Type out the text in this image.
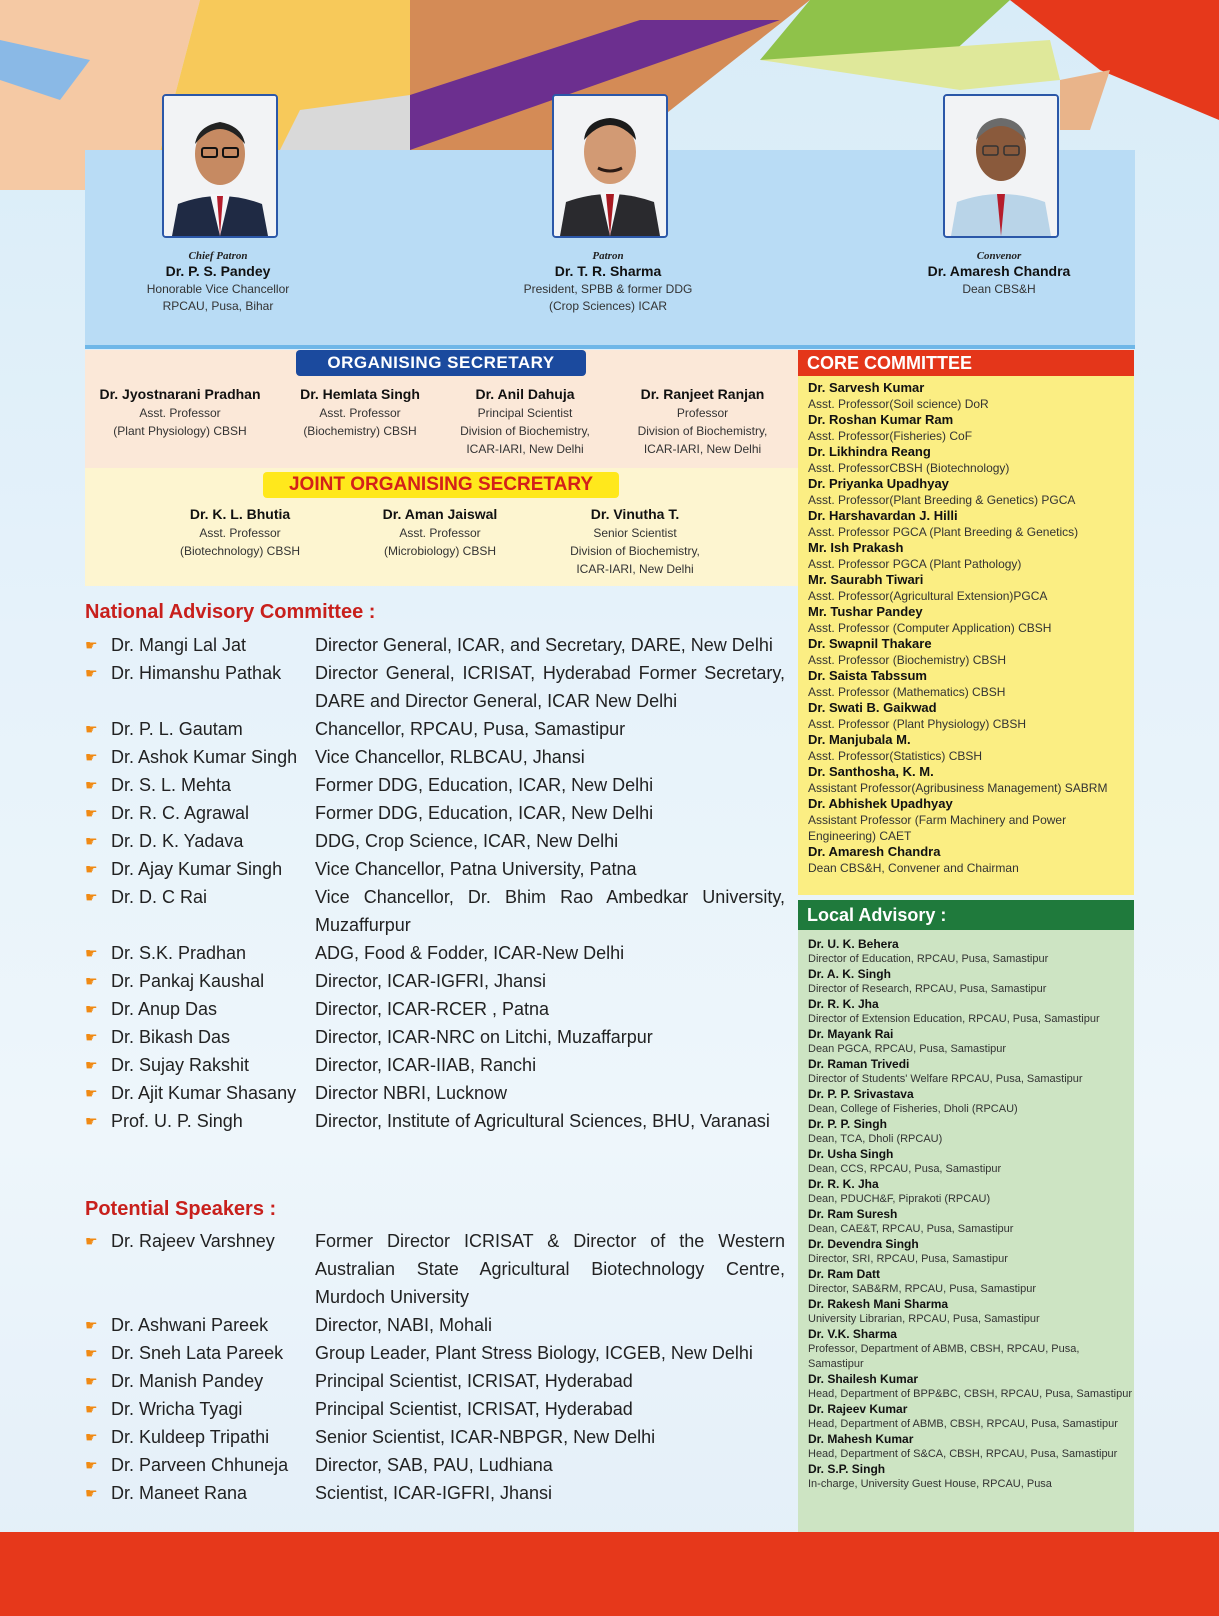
Chief Patron
Dr. P. S. Pandey
Honorable Vice Chancellor
RPCAU, Pusa, Bihar
Patron
Dr. T. R. Sharma
President, SPBB & former DDG
(Crop Sciences) ICAR
Convenor
Dr. Amaresh Chandra
Dean CBS&H
ORGANISING SECRETARY
Dr. Jyostnarani Pradhan
Asst. Professor
(Plant Physiology) CBSH
Dr. Hemlata Singh
Asst. Professor
(Biochemistry) CBSH
Dr. Anil Dahuja
Principal Scientist
Division of Biochemistry,
ICAR-IARI, New Delhi
Dr. Ranjeet Ranjan
Professor
Division of Biochemistry,
ICAR-IARI, New Delhi
JOINT ORGANISING SECRETARY
Dr. K. L. Bhutia
Asst. Professor
(Biotechnology) CBSH
Dr. Aman Jaiswal
Asst. Professor
(Microbiology) CBSH
Dr. Vinutha T.
Senior Scientist
Division of Biochemistry,
ICAR-IARI, New Delhi
CORE COMMITTEE
Dr. Sarvesh Kumar
Asst. Professor(Soil science) DoR
Dr. Roshan Kumar Ram
Asst. Professor(Fisheries) CoF
Dr. Likhindra Reang
Asst. ProfessorCBSH (Biotechnology)
Dr. Priyanka Upadhyay
Asst. Professor(Plant Breeding & Genetics) PGCA
Dr. Harshavardan J. Hilli
Asst. Professor PGCA (Plant Breeding & Genetics)
Mr. Ish Prakash
Asst. Professor PGCA (Plant Pathology)
Mr. Saurabh Tiwari
Asst. Professor(Agricultural Extension)PGCA
Mr. Tushar Pandey
Asst. Professor (Computer Application) CBSH
Dr. Swapnil Thakare
Asst. Professor (Biochemistry) CBSH
Dr. Saista Tabssum
Asst. Professor (Mathematics) CBSH
Dr. Swati B. Gaikwad
Asst. Professor (Plant Physiology) CBSH
Dr. Manjubala M.
Asst. Professor(Statistics) CBSH
Dr. Santhosha, K. M.
Assistant Professor(Agribusiness Management) SABRM
Dr. Abhishek Upadhyay
Assistant Professor (Farm Machinery and Power Engineering) CAET
Dr. Amaresh Chandra
Dean CBS&H, Convener and Chairman
Local Advisory :
Dr. U. K. Behera
Director of Education, RPCAU, Pusa, Samastipur
Dr. A. K. Singh
Director of Research, RPCAU, Pusa, Samastipur
Dr. R. K. Jha
Director of Extension Education, RPCAU, Pusa, Samastipur
Dr. Mayank Rai
Dean PGCA, RPCAU, Pusa, Samastipur
Dr. Raman Trivedi
Director of Students' Welfare RPCAU, Pusa, Samastipur
Dr. P. P. Srivastava
Dean, College of Fisheries, Dholi (RPCAU)
Dr. P. P. Singh
Dean, TCA, Dholi (RPCAU)
Dr. Usha Singh
Dean, CCS, RPCAU, Pusa, Samastipur
Dr. R. K. Jha
Dean, PDUCH&F, Piprakoti (RPCAU)
Dr. Ram Suresh
Dean, CAE&T, RPCAU, Pusa, Samastipur
Dr. Devendra Singh
Director, SRI, RPCAU, Pusa, Samastipur
Dr. Ram Datt
Director, SAB&RM, RPCAU, Pusa, Samastipur
Dr. Rakesh Mani Sharma
University Librarian, RPCAU, Pusa, Samastipur
Dr. V.K. Sharma
Professor, Department of ABMB, CBSH, RPCAU, Pusa, Samastipur
Dr. Shailesh Kumar
Head, Department of BPP&BC, CBSH, RPCAU, Pusa, Samastipur
Dr. Rajeev Kumar
Head, Department of ABMB, CBSH, RPCAU, Pusa, Samastipur
Dr. Mahesh Kumar
Head, Department of S&CA, CBSH, RPCAU, Pusa, Samastipur
Dr. S.P. Singh
In-charge, University Guest House, RPCAU, Pusa
National Advisory Committee :
☛ Dr. Mangi Lal Jat	Director General, ICAR, and Secretary, DARE, New Delhi
☛ Dr. Himanshu Pathak	Director General, ICRISAT, Hyderabad Former Secretary, DARE and Director General, ICAR New Delhi
☛ Dr. P. L. Gautam	Chancellor, RPCAU, Pusa, Samastipur
☛ Dr. Ashok Kumar Singh Vice Chancellor, RLBCAU, Jhansi
☛ Dr. S. L. Mehta	Former DDG, Education, ICAR, New Delhi
☛ Dr. R. C. Agrawal	Former DDG, Education, ICAR, New Delhi
☛ Dr. D. K. Yadava	DDG, Crop Science, ICAR, New Delhi
☛ Dr. Ajay Kumar Singh	Vice Chancellor, Patna University, Patna
☛ Dr. D. C Rai	Vice Chancellor, Dr. Bhim Rao Ambedkar University, Muzaffurpur
☛ Dr. S.K. Pradhan	ADG, Food & Fodder, ICAR-New Delhi
☛ Dr. Pankaj Kaushal	Director, ICAR-IGFRI, Jhansi
☛ Dr. Anup Das	Director, ICAR-RCER , Patna
☛ Dr. Bikash Das	Director, ICAR-NRC on Litchi, Muzaffarpur
☛ Dr. Sujay Rakshit	Director, ICAR-IIAB, Ranchi
☛ Dr. Ajit Kumar Shasany	Director NBRI, Lucknow
☛ Prof. U. P. Singh	Director, Institute of Agricultural Sciences, BHU, Varanasi
Potential Speakers :
☛ Dr. Rajeev Varshney	Former Director ICRISAT & Director of the Western Australian State Agricultural Biotechnology Centre, Murdoch University
☛ Dr. Ashwani Pareek	Director, NABI, Mohali
☛ Dr. Sneh Lata Pareek	Group Leader, Plant Stress Biology, ICGEB, New Delhi
☛ Dr. Manish Pandey	Principal Scientist, ICRISAT, Hyderabad
☛ Dr. Wricha Tyagi	Principal Scientist, ICRISAT, Hyderabad
☛ Dr. Kuldeep Tripathi	Senior Scientist, ICAR-NBPGR, New Delhi
☛ Dr. Parveen Chhuneja	Director, SAB, PAU, Ludhiana
☛ Dr. Maneet Rana	Scientist, ICAR-IGFRI, Jhansi
